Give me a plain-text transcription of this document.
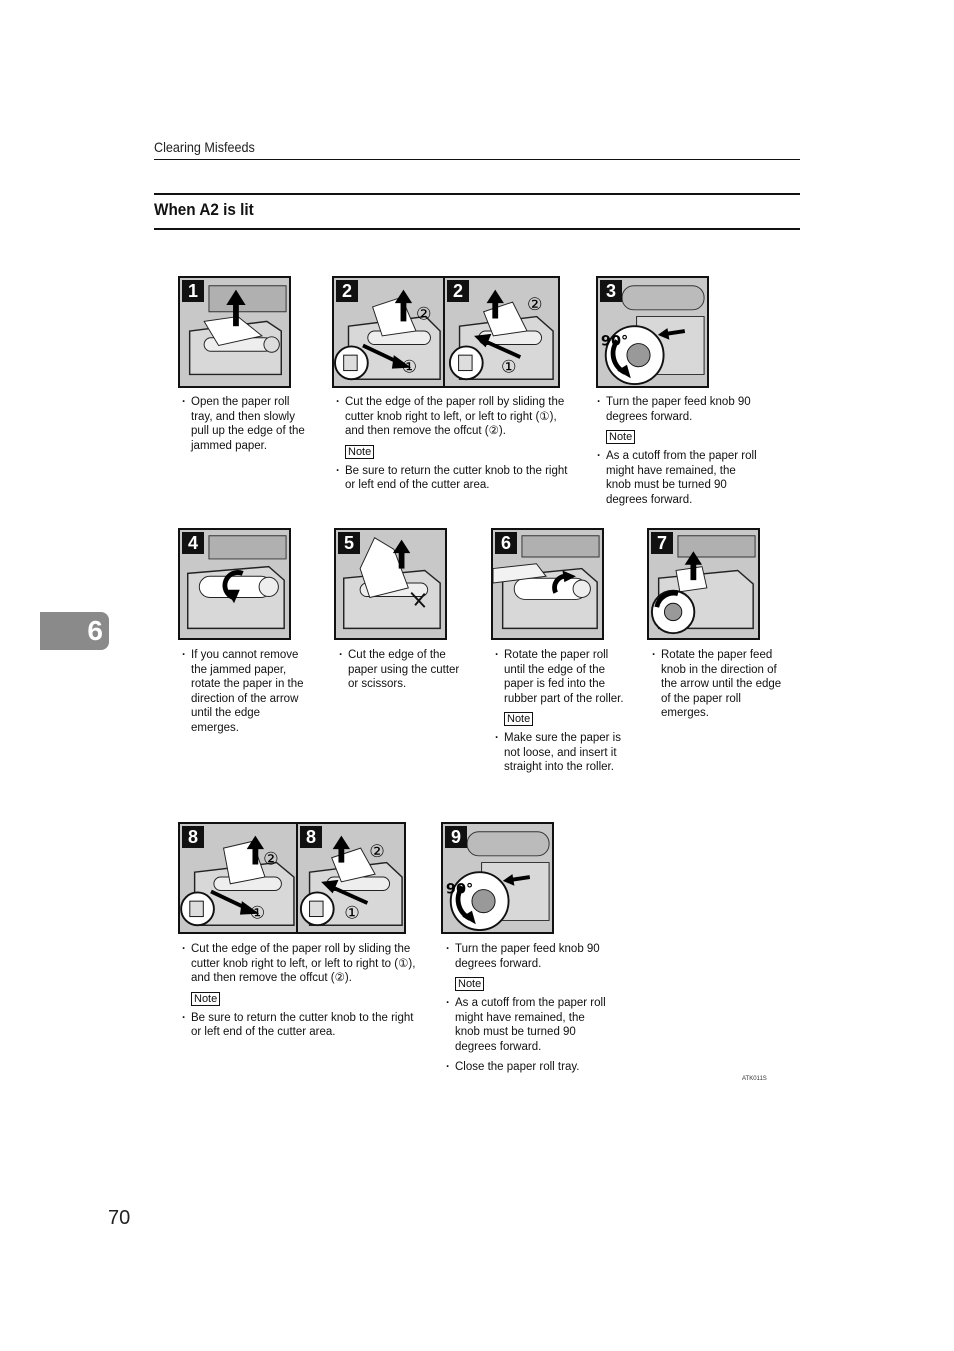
Clearing Misfeeds
When A2 is lit
1

· Open the paper roll tray, and then slowly pull up the edge of the jammed paper.

2
②
①
2
②
①

· Cut the edge of the paper roll by sliding the cutter knob right to left, or left to right (①), and then remove the offcut (②).

Note

· Be sure to return the cutter knob to the right or left end of the cutter area.

3
90°

· Turn the paper feed knob 90 degrees forward.

Note

· As a cutoff from the paper roll might have remained, the knob must be turned 90 degrees forward.

4

· If you cannot remove the jammed paper, rotate the paper in the direction of the arrow until the edge emerges.

5

· Cut the edge of the paper using the cutter or scissors.

6

· Rotate the paper roll until the edge of the paper is fed into the rubber part of the roller.

Note

· Make sure the paper is not loose, and insert it straight into the roller.

7

· Rotate the paper feed knob in the direction of the arrow until the edge of the paper roll emerges.

8
②
①
8
②
①

· Cut the edge of the paper roll by sliding the cutter knob right to left, or left to right to (①), and then remove the offcut (②).

Note

· Be sure to return the cutter knob to the right or left end of the cutter area.

9
90°

· Turn the paper feed knob 90 degrees forward.

Note

· As a cutoff from the paper roll might have remained, the knob must be turned 90 degrees forward.

· Close the paper roll tray.

ATK011S
6
70
